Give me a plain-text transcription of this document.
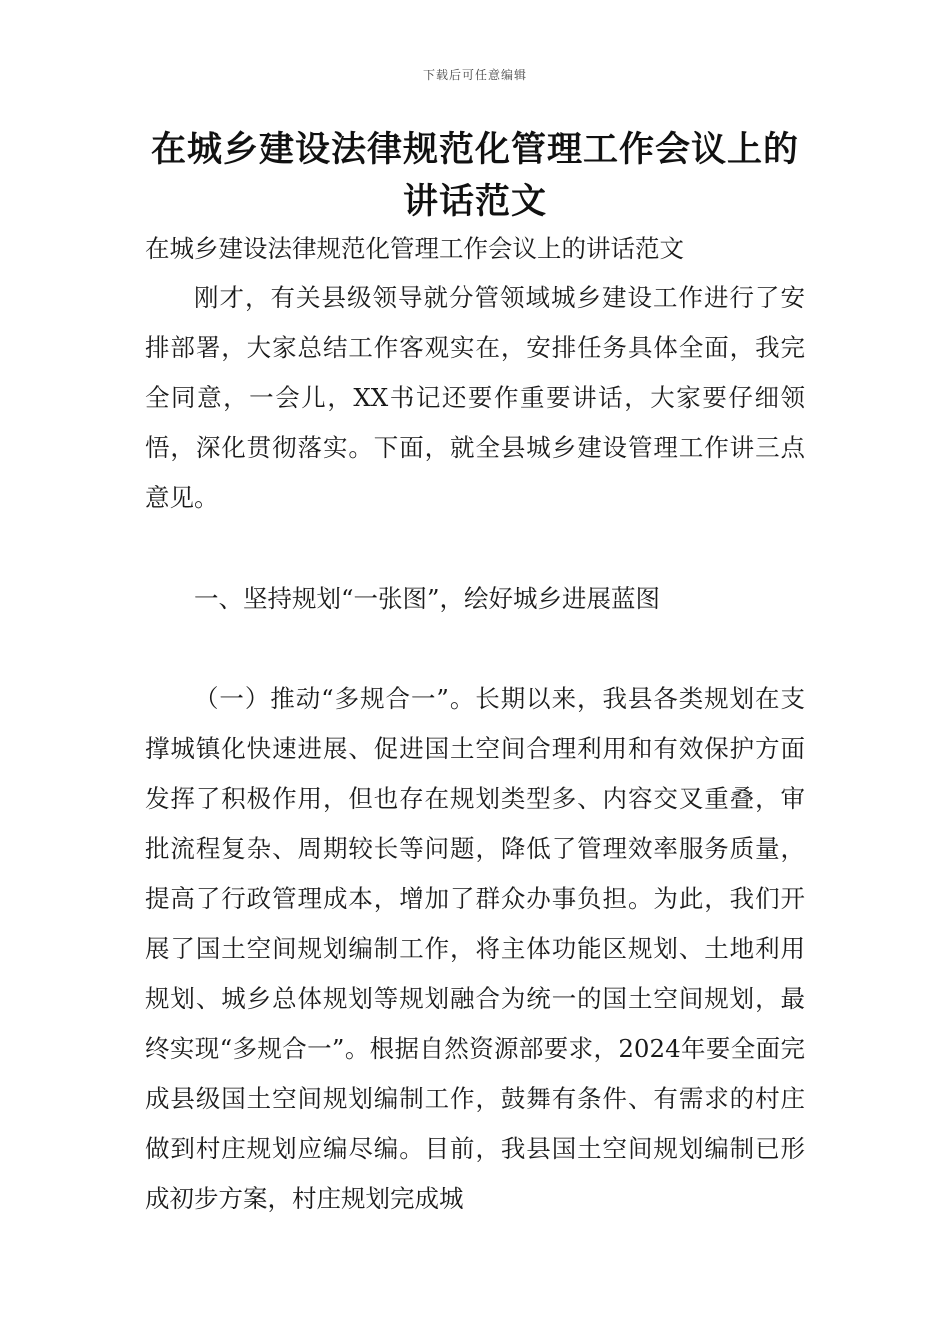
下载后可任意编辑
在城乡建设法律规范化管理工作会议上的
讲话范文

在城乡建设法律规范化管理工作会议上的讲话范文

刚才，有关县级领导就分管领域城乡建设工作进行了安排部署，大家总结工作客观实在，安排任务具体全面，我完全同意，一会儿，XX书记还要作重要讲话，大家要仔细领悟，深化贯彻落实。下面，就全县城乡建设管理工作讲三点意见。

一、坚持规划“一张图”，绘好城乡进展蓝图

（一）推动“多规合一”。长期以来，我县各类规划在支撑城镇化快速进展、促进国土空间合理利用和有效保护方面发挥了积极作用，但也存在规划类型多、内容交叉重叠，审批流程复杂、周期较长等问题，降低了管理效率服务质量，提高了行政管理成本，增加了群众办事负担。为此，我们开展了国土空间规划编制工作，将主体功能区规划、土地利用规划、城乡总体规划等规划融合为统一的国土空间规划，最终实现“多规合一”。根据自然资源部要求，2024年要全面完成县级国土空间规划编制工作，鼓舞有条件、有需求的村庄做到村庄规划应编尽编。目前，我县国土空间规划编制已形成初步方案，村庄规划完成城
